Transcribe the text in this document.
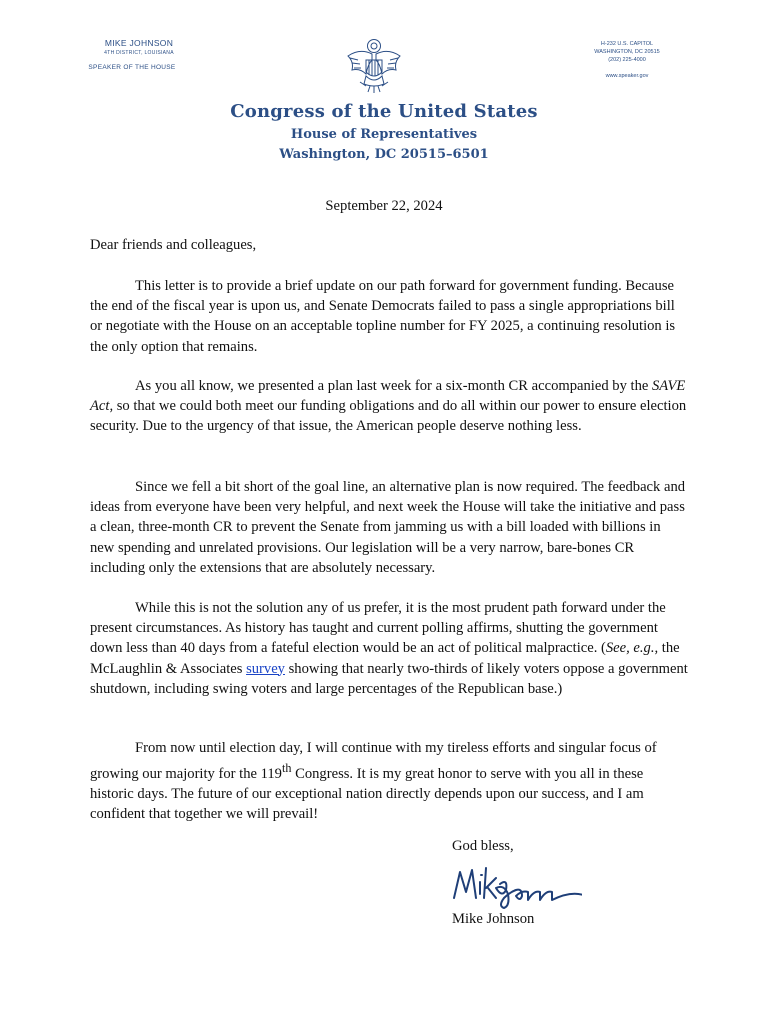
MIKE JOHNSON
4TH DISTRICT, LOUISIANA
SPEAKER OF THE HOUSE
H-232 U.S. CAPITOL
WASHINGTON, DC 20515
(202) 225-4000
www.speaker.gov
Congress of the United States
House of Representatives
Washington, DC 20515–6501
September 22, 2024
Dear friends and colleagues,

This letter is to provide a brief update on our path forward for government funding. Because the end of the fiscal year is upon us, and Senate Democrats failed to pass a single appropriations bill or negotiate with the House on an acceptable topline number for FY 2025, a continuing resolution is the only option that remains.

As you all know, we presented a plan last week for a six-month CR accompanied by the SAVE Act, so that we could both meet our funding obligations and do all within our power to ensure election security. Due to the urgency of that issue, the American people deserve nothing less.

Since we fell a bit short of the goal line, an alternative plan is now required. The feedback and ideas from everyone have been very helpful, and next week the House will take the initiative and pass a clean, three-month CR to prevent the Senate from jamming us with a bill loaded with billions in new spending and unrelated provisions. Our legislation will be a very narrow, bare-bones CR including only the extensions that are absolutely necessary.

While this is not the solution any of us prefer, it is the most prudent path forward under the present circumstances. As history has taught and current polling affirms, shutting the government down less than 40 days from a fateful election would be an act of political malpractice. (See, e.g., the McLaughlin & Associates survey showing that nearly two-thirds of likely voters oppose a government shutdown, including swing voters and large percentages of the Republican base.)

From now until election day, I will continue with my tireless efforts and singular focus of growing our majority for the 119th Congress. It is my great honor to serve with you all in these historic days. The future of our exceptional nation directly depends upon our success, and I am confident that together we will prevail!

God bless,
Mike Johnson
